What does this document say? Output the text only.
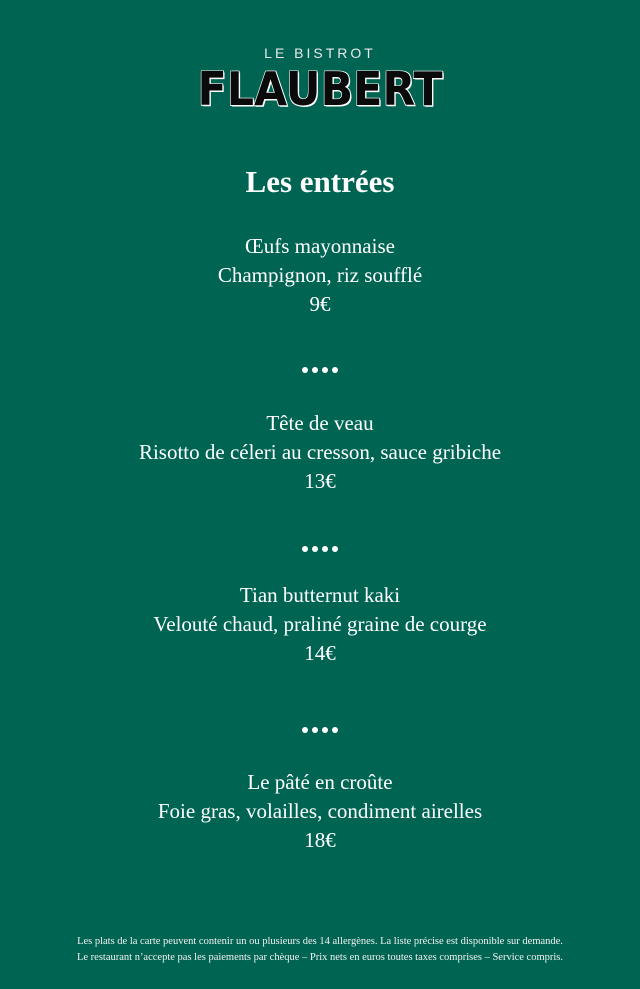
LE BISTROT
FLAUBERT
Les entrées
Œufs mayonnaise
Champignon, riz soufflé
9€
Tête de veau
Risotto de céleri au cresson, sauce gribiche
13€
Tian butternut kaki
Velouté chaud, praliné graine de courge
14€
Le pâté en croûte
Foie gras, volailles, condiment airelles
18€
Les plats de la carte peuvent contenir un ou plusieurs des 14 allergènes. La liste précise est disponible sur demande.
Le restaurant n’accepte pas les paiements par chèque – Prix nets en euros toutes taxes comprises – Service compris.
